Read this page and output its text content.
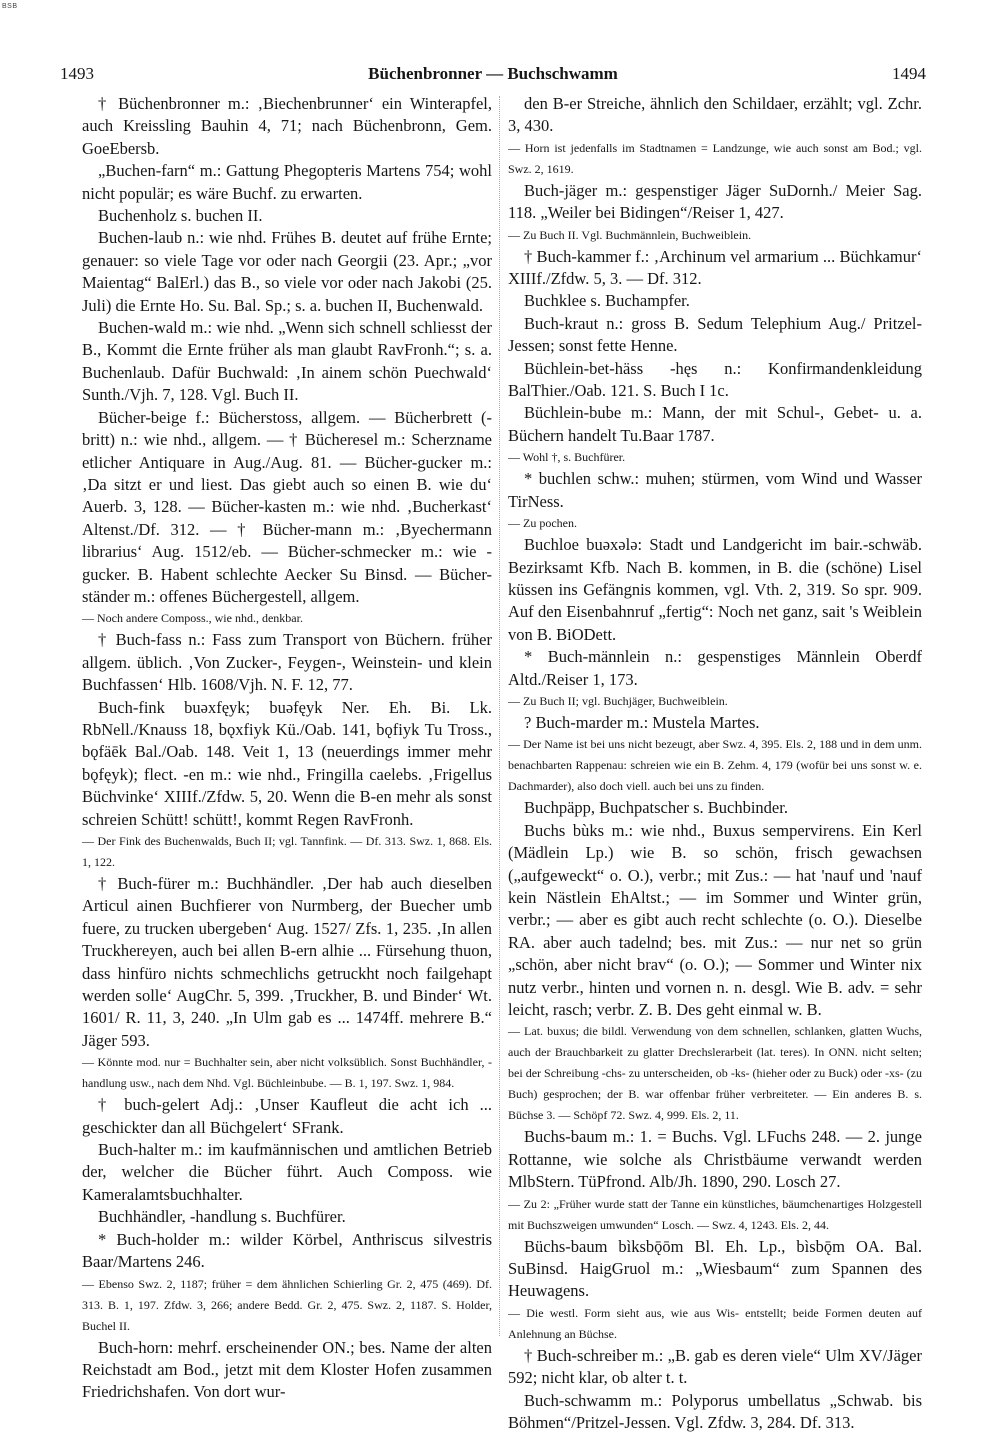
BSB
1493	Büchenbronner — Buchschwamm	1494

† Büchenbronner m.: ‚Biechenbrunner‘ ein Winterapfel, auch Kreissling Bauhin 4, 71; nach Büchenbronn, Gem. GoeEbersb.

„Buchen-farn“ m.: Gattung Phegopteris Martens 754; wohl nicht populär; es wäre Buchf. zu erwarten.

Buchenholz s. buchen II.

Buchen-laub n.: wie nhd. Frühes B. deutet auf frühe Ernte; genauer: so viele Tage vor oder nach Georgii (23. Apr.; „vor Maientag“ BalErl.) das B., so viele vor oder nach Jakobi (25. Juli) die Ernte Ho. Su. Bal. Sp.; s. a. buchen II, Buchenwald.

Buchen-wald m.: wie nhd. „Wenn sich schnell schliesst der B., Kommt die Ernte früher als man glaubt RavFronh.“; s. a. Buchenlaub. Dafür Buchwald: ‚In ainem schön Puechwald‘ Sunth./Vjh. 7, 128. Vgl. Buch II.

Bücher-beige f.: Bücherstoss, allgem. — Bücherbrett (-britt) n.: wie nhd., allgem. — † Bücheresel m.: Scherzname etlicher Antiquare in Aug./Aug. 81. — Bücher-gucker m.: ‚Da sitzt er und liest. Das giebt auch so einen B. wie du‘ Auerb. 3, 128. — Bücher-kasten m.: wie nhd. ‚Bucherkast‘ Altenst./Df. 312. — † Bücher-mann m.: ‚Byechermann librarius‘ Aug. 1512/eb. — Bücher-schmecker m.: wie -gucker. B. Habent schlechte Aecker Su Binsd. — Bücher-ständer m.: offenes Büchergestell, allgem.

— Noch andere Composs., wie nhd., denkbar.

† Buch-fass n.: Fass zum Transport von Büchern. früher allgem. üblich. ‚Von Zucker-, Feygen-, Weinstein- und klein Buchfassen‘ Hlb. 1608/Vjh. N. F. 12, 77.

Buch-fink buəxfęyk; buəfęyk Ner. Eh. Bi. Lk. RbNell./Knauss 18, bǫxfiyk Kü./Oab. 141, bǫfiyk Tu Tross., bǫfäēk Bal./Oab. 148. Veit 1, 13 (neuerdings immer mehr bǫfęyk); flect. -en m.: wie nhd., Fringilla caelebs. ‚Frigellus Büchvinke‘ XIIIf./Zfdw. 5, 20. Wenn die B-en mehr als sonst schreien Schütt! schütt!, kommt Regen RavFronh.

— Der Fink des Buchenwalds, Buch II; vgl. Tannfink. — Df. 313. Swz. 1, 868. Els. 1, 122.

† Buch-fürer m.: Buchhändler. ‚Der hab auch dieselben Articul ainen Buchfierer von Nurmberg, der Buecher umb fuere, zu trucken ubergeben‘ Aug. 1527/ Zfs. 1, 235. ‚In allen Truckhereyen, auch bei allen B-ern alhie ... Fürsehung thuon, dass hinfüro nichts schmechlichs getruckht noch failgehapt werden solle‘ AugChr. 5, 399. ‚Truckher, B. und Binder‘ Wt. 1601/ R. 11, 3, 240. „In Ulm gab es ... 1474ff. mehrere B.“ Jäger 593.

— Könnte mod. nur = Buchhalter sein, aber nicht volksüblich. Sonst Buchhändler, -handlung usw., nach dem Nhd. Vgl. Büchleinbube. — B. 1, 197. Swz. 1, 984.

† buch-gelert Adj.: ‚Unser Kaufleut die acht ich ... geschickter dan all Büchgelert‘ SFrank.

Buch-halter m.: im kaufmännischen und amtlichen Betrieb der, welcher die Bücher führt. Auch Composs. wie Kameralamtsbuchhalter.

Buchhändler, -handlung s. Buchfürer.

* Buch-holder m.: wilder Körbel, Anthriscus silvestris Baar/Martens 246.

— Ebenso Swz. 2, 1187; früher = dem ähnlichen Schierling Gr. 2, 475 (469). Df. 313. B. 1, 197. Zfdw. 3, 266; andere Bedd. Gr. 2, 475. Swz. 2, 1187. S. Holder, Buchel II.

Buch-horn: mehrf. erscheinender ON.; bes. Name der alten Reichstadt am Bod., jetzt mit dem Kloster Hofen zusammen Friedrichshafen. Von dort wur-

den B-er Streiche, ähnlich den Schildaer, erzählt; vgl. Zchr. 3, 430.

— Horn ist jedenfalls im Stadtnamen = Landzunge, wie auch sonst am Bod.; vgl. Swz. 2, 1619.

Buch-jäger m.: gespenstiger Jäger SuDornh./ Meier Sag. 118. „Weiler bei Bidingen“/Reiser 1, 427.

— Zu Buch II. Vgl. Buchmännlein, Buchweiblein.

† Buch-kammer f.: ‚Archinum vel armarium ... Büchkamur‘ XIIIf./Zfdw. 5, 3. — Df. 312.

Buchklee s. Buchampfer.

Buch-kraut n.: gross B. Sedum Telephium Aug./ Pritzel-Jessen; sonst fette Henne.

Büchlein-bet-häss -hęs n.: Konfirmandenkleidung BalThier./Oab. 121. S. Buch I 1c.

Büchlein-bube m.: Mann, der mit Schul-, Gebet- u. a. Büchern handelt Tu.Baar 1787.

— Wohl †, s. Buchfürer.

* buchlen schw.: muhen; stürmen, vom Wind und Wasser TirNess.

— Zu pochen.

Buchloe buəxələ: Stadt und Landgericht im bair.-schwäb. Bezirksamt Kfb. Nach B. kommen, in B. die (schöne) Lisel küssen ins Gefängnis kommen, vgl. Vth. 2, 319. So spr. 909. Auf den Eisenbahnruf „fertig“: Noch net ganz, sait 's Weiblein von B. BiODett.

* Buch-männlein n.: gespenstiges Männlein Oberdf Altd./Reiser 1, 173.

— Zu Buch II; vgl. Buchjäger, Buchweiblein.

? Buch-marder m.: Mustela Martes.

— Der Name ist bei uns nicht bezeugt, aber Swz. 4, 395. Els. 2, 188 und in dem unm. benachbarten Rappenau: schreien wie ein B. Zehm. 4, 179 (wofür bei uns sonst w. e. Dachmarder), also doch viell. auch bei uns zu finden.

Buchpäpp, Buchpatscher s. Buchbinder.

Buchs bùks m.: wie nhd., Buxus sempervirens. Ein Kerl (Mädlein Lp.) wie B. so schön, frisch gewachsen („aufgeweckt“ o. O.), verbr.; mit Zus.: — hat 'nauf und 'nauf kein Nästlein EhAltst.; — im Sommer und Winter grün, verbr.; — aber es gibt auch recht schlechte (o. O.). Dieselbe RA. aber auch tadelnd; bes. mit Zus.: — nur net so grün „schön, aber nicht brav“ (o. O.); — Sommer und Winter nix nutz verbr., hinten und vornen n. n. desgl. Wie B. adv. = sehr leicht, rasch; verbr. Z. B. Des geht einmal w. B.

— Lat. buxus; die bildl. Verwendung von dem schnellen, schlanken, glatten Wuchs, auch der Brauchbarkeit zu glatter Drechslerarbeit (lat. teres). In ONN. nicht selten; bei der Schreibung -chs- zu unterscheiden, ob -ks- (hieher oder zu Buck) oder -xs- (zu Buch) gesprochen; der B. war offenbar früher verbreiteter. — Ein anderes B. s. Büchse 3. — Schöpf 72. Swz. 4, 999. Els. 2, 11.

Buchs-baum m.: 1. = Buchs. Vgl. LFuchs 248. — 2. junge Rottanne, wie solche als Christbäume verwandt werden MlbStern. TüPfrond. Alb/Jh. 1890, 290. Losch 27.

— Zu 2: „Früher wurde statt der Tanne ein künstliches, bäumchenartiges Holzgestell mit Buchszweigen umwunden“ Losch. — Swz. 4, 1243. Els. 2, 44.

Büchs-baum bìksbǭōm Bl. Eh. Lp., bìsbǭm OA. Bal. SuBinsd. HaigGruol m.: „Wiesbaum“ zum Spannen des Heuwagens.

— Die westl. Form sieht aus, wie aus Wis- entstellt; beide Formen deuten auf Anlehnung an Büchse.

† Buch-schreiber m.: „B. gab es deren viele“ Ulm XV/Jäger 592; nicht klar, ob alter t. t.

Buch-schwamm m.: Polyporus umbellatus „Schwab. bis Böhmen“/Pritzel-Jessen. Vgl. Zfdw. 3, 284. Df. 313.
